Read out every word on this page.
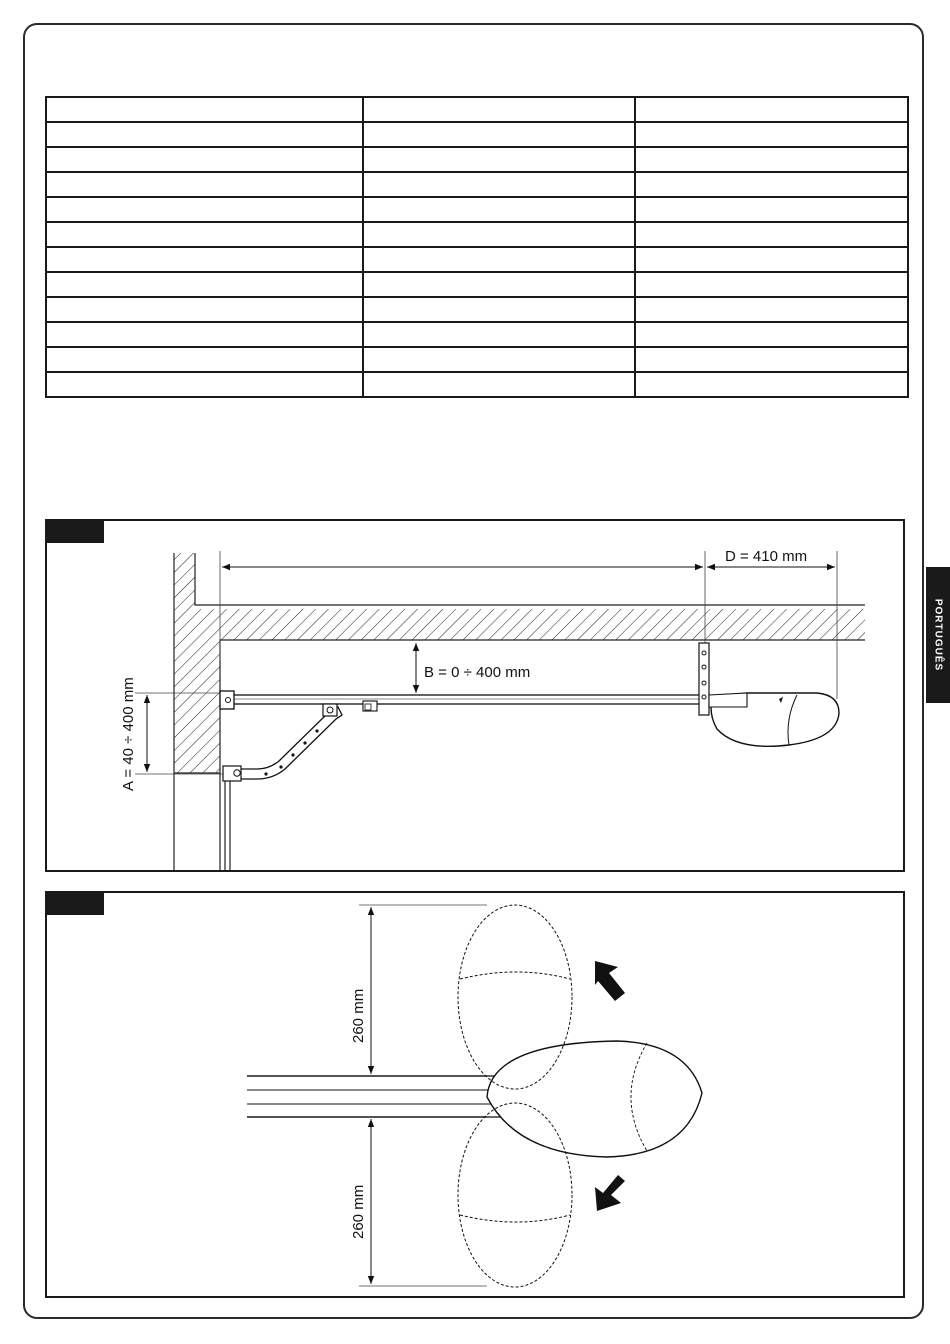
PORTUGUÊS
D = 410 mm
B = 0 ÷ 400 mm
A = 40 ÷ 400 mm
260 mm
260 mm
